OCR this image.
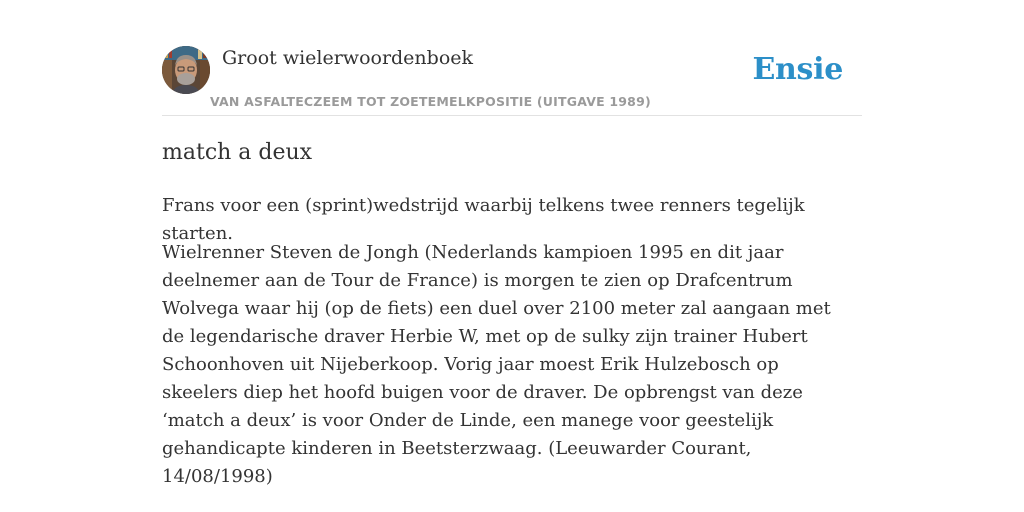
Groot wielerwoordenboek
VAN ASFALTECZEEM TOT ZOETEMELKPOSITIE (UITGAVE 1989)
Ensie
match a deux

Frans voor een (sprint)wedstrijd waarbij telkens twee renners tegelijk starten.

Wielrenner Steven de Jongh (Nederlands kampioen 1995 en dit jaar deelnemer aan de Tour de France) is morgen te zien op Drafcentrum Wolvega waar hij (op de fiets) een duel over 2100 meter zal aangaan met de legendarische draver Herbie W, met op de sulky zijn trainer Hubert Schoonhoven uit Nijeberkoop. Vorig jaar moest Erik Hulzebosch op skeelers diep het hoofd buigen voor de draver. De opbrengst van deze ‘match a deux’ is voor Onder de Linde, een manege voor geestelijk gehandicapte kinderen in Beetsterzwaag. (Leeuwarder Courant, 14/08/1998)
